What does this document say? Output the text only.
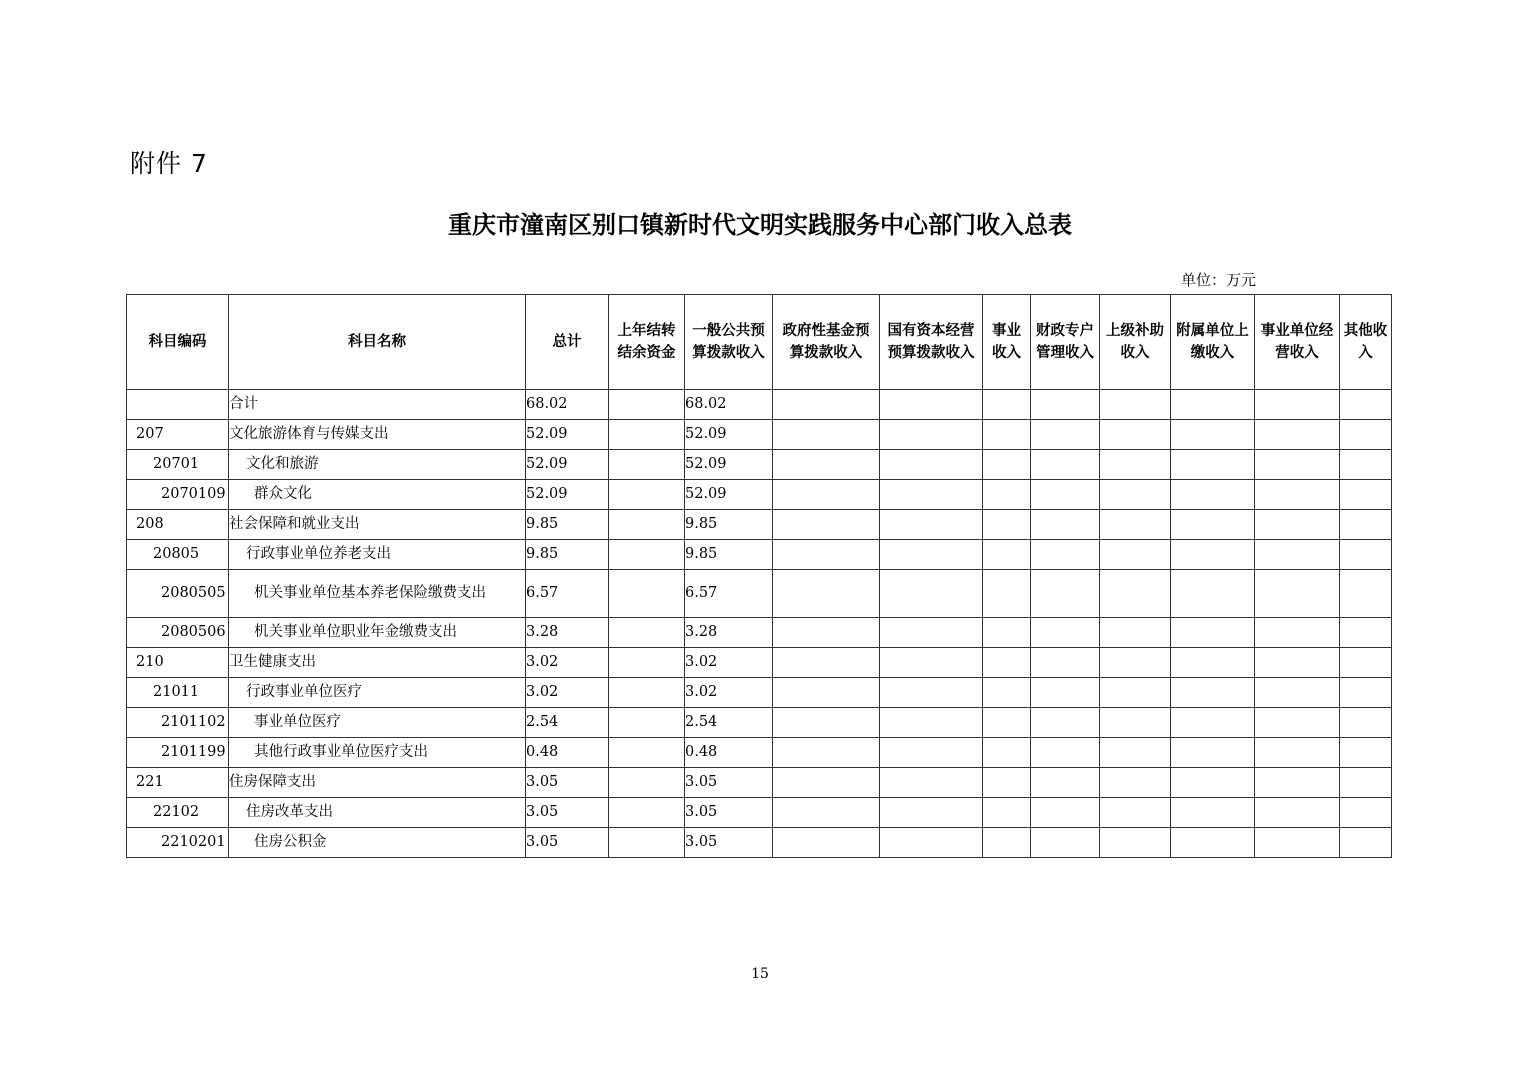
附件 7
重庆市潼南区别口镇新时代文明实践服务中心部门收入总表
单位：万元
科目编码	科目名称	总计	上年结转结余资金	一般公共预算拨款收入	政府性基金预算拨款收入	国有资本经营预算拨款收入	事业收入	财政专户管理收入	上级补助收入	附属单位上缴收入	事业单位经营收入	其他收入

	合计	68.02		68.02								

207	文化旅游体育与传媒支出	52.09		52.09								

20701	文化和旅游	52.09		52.09								

2070109	群众文化	52.09		52.09								

208	社会保障和就业支出	9.85		9.85								

20805	行政事业单位养老支出	9.85		9.85								

2080505	机关事业单位基本养老保险缴费支出	6.57		6.57								

2080506	机关事业单位职业年金缴费支出	3.28		3.28								

210	卫生健康支出	3.02		3.02								

21011	行政事业单位医疗	3.02		3.02								

2101102	事业单位医疗	2.54		2.54								

2101199	其他行政事业单位医疗支出	0.48		0.48								

221	住房保障支出	3.05		3.05								

22102	住房改革支出	3.05		3.05								

2210201	住房公积金	3.05		3.05								
15
